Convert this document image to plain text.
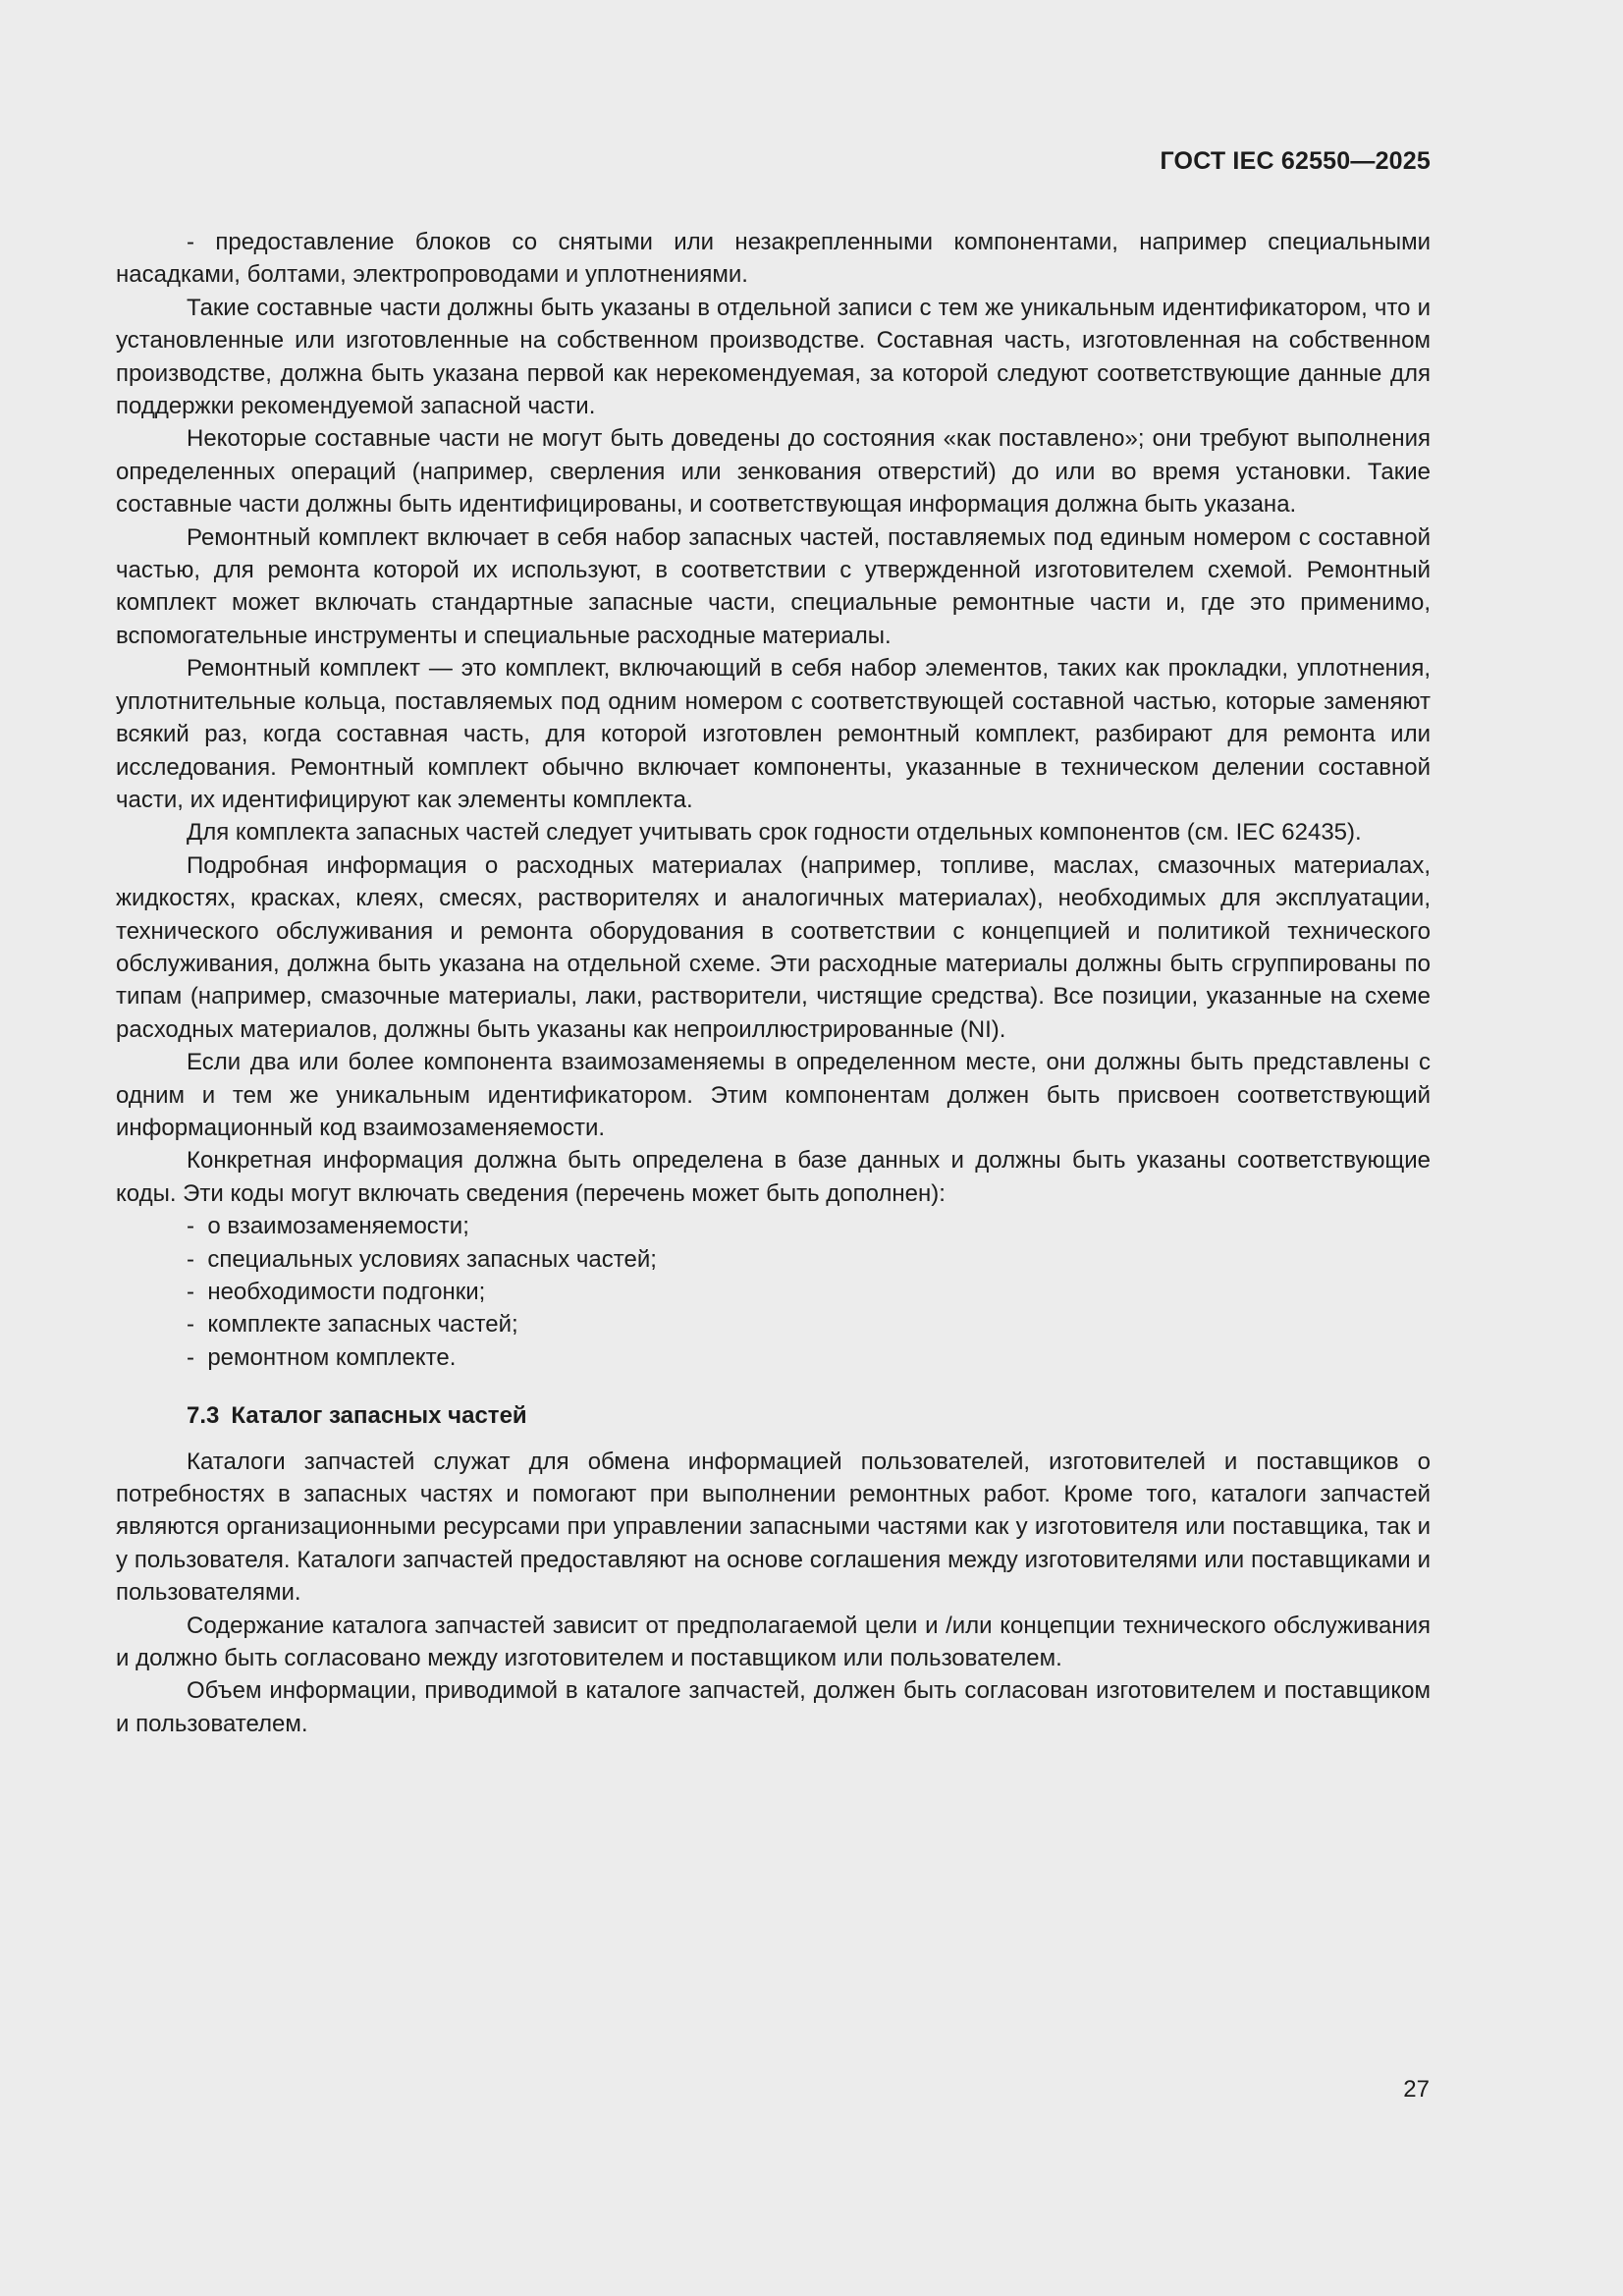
ГОСТ IEC 62550—2025

- предоставление блоков со снятыми или незакрепленными компонентами, например специальными насадками, болтами, электропроводами и уплотнениями.

Такие составные части должны быть указаны в отдельной записи с тем же уникальным идентификатором, что и установленные или изготовленные на собственном производстве. Составная часть, изготовленная на собственном производстве, должна быть указана первой как нерекомендуемая, за которой следуют соответствующие данные для поддержки рекомендуемой запасной части.

Некоторые составные части не могут быть доведены до состояния «как поставлено»; они требуют выполнения определенных операций (например, сверления или зенкования отверстий) до или во время установки. Такие составные части должны быть идентифицированы, и соответствующая информация должна быть указана.

Ремонтный комплект включает в себя набор запасных частей, поставляемых под единым номером с составной частью, для ремонта которой их используют, в соответствии с утвержденной изготовителем схемой. Ремонтный комплект может включать стандартные запасные части, специальные ремонтные части и, где это применимо, вспомогательные инструменты и специальные расходные материалы.

Ремонтный комплект — это комплект, включающий в себя набор элементов, таких как прокладки, уплотнения, уплотнительные кольца, поставляемых под одним номером с соответствующей составной частью, которые заменяют всякий раз, когда составная часть, для которой изготовлен ремонтный комплект, разбирают для ремонта или исследования. Ремонтный комплект обычно включает компоненты, указанные в техническом делении составной части, их идентифицируют как элементы комплекта.

Для комплекта запасных частей следует учитывать срок годности отдельных компонентов (см. IEC 62435).

Подробная информация о расходных материалах (например, топливе, маслах, смазочных материалах, жидкостях, красках, клеях, смесях, растворителях и аналогичных материалах), необходимых для эксплуатации, технического обслуживания и ремонта оборудования в соответствии с концепцией и политикой технического обслуживания, должна быть указана на отдельной схеме. Эти расходные материалы должны быть сгруппированы по типам (например, смазочные материалы, лаки, растворители, чистящие средства). Все позиции, указанные на схеме расходных материалов, должны быть указаны как непроиллюстрированные (NI).

Если два или более компонента взаимозаменяемы в определенном месте, они должны быть представлены с одним и тем же уникальным идентификатором. Этим компонентам должен быть присвоен соответствующий информационный код взаимозаменяемости.

Конкретная информация должна быть определена в базе данных и должны быть указаны соответствующие коды. Эти коды могут включать сведения (перечень может быть дополнен):

-  о взаимозаменяемости;
-  специальных условиях запасных частей;
-  необходимости подгонки;
-  комплекте запасных частей;
-  ремонтном комплекте.
7.3 Каталог запасных частей

Каталоги запчастей служат для обмена информацией пользователей, изготовителей и поставщиков о потребностях в запасных частях и помогают при выполнении ремонтных работ. Кроме того, каталоги запчастей являются организационными ресурсами при управлении запасными частями как у изготовителя или поставщика, так и у пользователя. Каталоги запчастей предоставляют на основе соглашения между изготовителями или поставщиками и пользователями.

Содержание каталога запчастей зависит от предполагаемой цели и /или концепции технического обслуживания и должно быть согласовано между изготовителем и поставщиком или пользователем.

Объем информации, приводимой в каталоге запчастей, должен быть согласован изготовителем и поставщиком и пользователем.

27
